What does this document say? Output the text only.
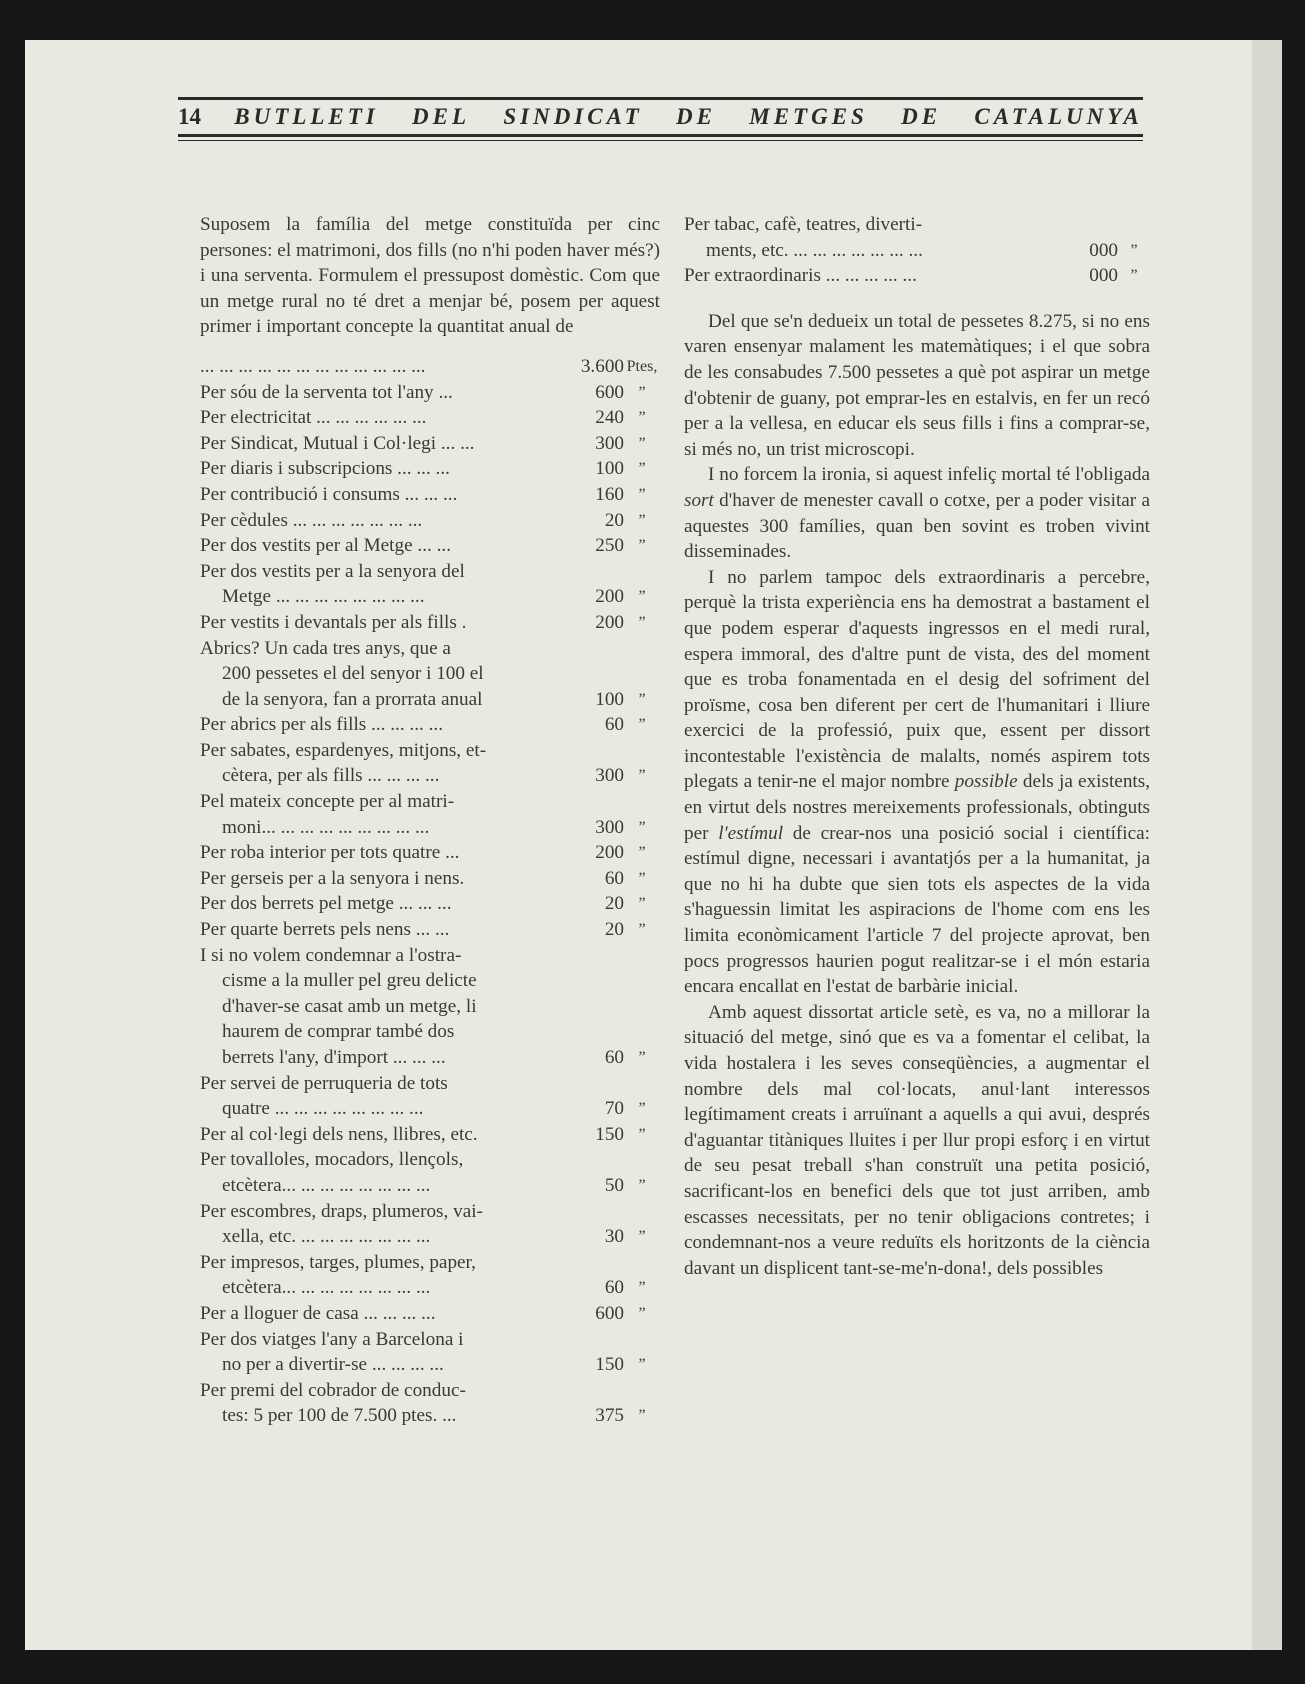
14 BUTLLETI DEL SINDICAT DE METGES DE CATALUNYA

Suposem la família del metge constituïda per cinc persones: el matrimoni, dos fills (no n'hi poden haver més?) i una serventa. Formulem el pressupost domèstic. Com que un metge rural no té dret a menjar bé, posem per aquest primer i important concepte la quantitat anual de

... ... ... ... ... ... ... ... ... ... ... ...	3.600 Ptes,
Per sóu de la serventa tot l'any ...	600 ”
Per electricitat ... ... ... ... ... ...	240 ”
Per Sindicat, Mutual i Col·legi ... ...	300 ”
Per diaris i subscripcions ... ... ...	100 ”
Per contribució i consums ... ... ...	160 ”
Per cèdules ... ... ... ... ... ... ...	20 ”
Per dos vestits per al Metge ... ...	250 ”
Per dos vestits per a la senyora del
Metge ... ... ... ... ... ... ... ...	200 ”
Per vestits i devantals per als fills .	200 ”
Abrics? Un cada tres anys, que a
200 pessetes el del senyor i 100 el
de la senyora, fan a prorrata anual	100 ”
Per abrics per als fills ... ... ... ...	60 ”
Per sabates, espardenyes, mitjons, et-
cètera, per als fills ... ... ... ...	300 ”
Pel mateix concepte per al matri-
moni... ... ... ... ... ... ... ... ...	300 ”
Per roba interior per tots quatre ...	200 ”
Per gerseis per a la senyora i nens.	60 ”
Per dos berrets pel metge ... ... ...	20 ”
Per quarte berrets pels nens ... ...	20 ”
I si no volem condemnar a l'ostra-
cisme a la muller pel greu delicte
d'haver-se casat amb un metge, li
haurem de comprar també dos
berrets l'any, d'import ... ... ...	60 ”
Per servei de perruqueria de tots
quatre ... ... ... ... ... ... ... ...	70 ”
Per al col·legi dels nens, llibres, etc.	150 ”
Per tovalloles, mocadors, llençols,
etcètera... ... ... ... ... ... ... ...	50 ”
Per escombres, draps, plumeros, vai-
xella, etc. ... ... ... ... ... ... ...	30 ”
Per impresos, targes, plumes, paper,
etcètera... ... ... ... ... ... ... ...	60 ”
Per a lloguer de casa ... ... ... ...	600 ”
Per dos viatges l'any a Barcelona i
no per a divertir-se ... ... ... ...	150 ”
Per premi del cobrador de conduc-
tes: 5 per 100 de 7.500 ptes. ...	375 ”
Per tabac, cafè, teatres, diverti-
ments, etc. ... ... ... ... ... ... ...	000 ”
Per extraordinaris ... ... ... ... ...	000 ”

Del que se'n dedueix un total de pessetes 8.275, si no ens varen ensenyar malament les matemàtiques; i el que sobra de les consabudes 7.500 pessetes a què pot aspirar un metge d'obtenir de guany, pot emprar-les en estalvis, en fer un recó per a la vellesa, en educar els seus fills i fins a comprar-se, si més no, un trist microscopi.

I no forcem la ironia, si aquest infeliç mortal té l'obligada sort d'haver de menester cavall o cotxe, per a poder visitar a aquestes 300 famílies, quan ben sovint es troben vivint disseminades.

I no parlem tampoc dels extraordinaris a percebre, perquè la trista experiència ens ha demostrat a bastament el que podem esperar d'aquests ingressos en el medi rural, espera immoral, des d'altre punt de vista, des del moment que es troba fonamentada en el desig del sofriment del proïsme, cosa ben diferent per cert de l'humanitari i lliure exercici de la professió, puix que, essent per dissort incontestable l'existència de malalts, només aspirem tots plegats a tenir-ne el major nombre possible dels ja existents, en virtut dels nostres mereixements professionals, obtinguts per l'estímul de crear-nos una posició social i científica: estímul digne, necessari i avantatjós per a la humanitat, ja que no hi ha dubte que sien tots els aspectes de la vida s'haguessin limitat les aspiracions de l'home com ens les limita econòmicament l'article 7 del projecte aprovat, ben pocs progressos haurien pogut realitzar-se i el món estaria encara encallat en l'estat de barbàrie inicial.

Amb aquest dissortat article setè, es va, no a millorar la situació del metge, sinó que es va a fomentar el celibat, la vida hostalera i les seves conseqüències, a augmentar el nombre dels mal col·locats, anul·lant interessos legítimament creats i arruïnant a aquells a qui avui, després d'aguantar titàniques lluites i per llur propi esforç i en virtut de seu pesat treball s'han construït una petita posició, sacrificant-los en benefici dels que tot just arriben, amb escasses necessitats, per no tenir obligacions contretes; i condemnant-nos a veure reduïts els horitzonts de la ciència davant un displicent tant-se-me'n-dona!, dels possibles
